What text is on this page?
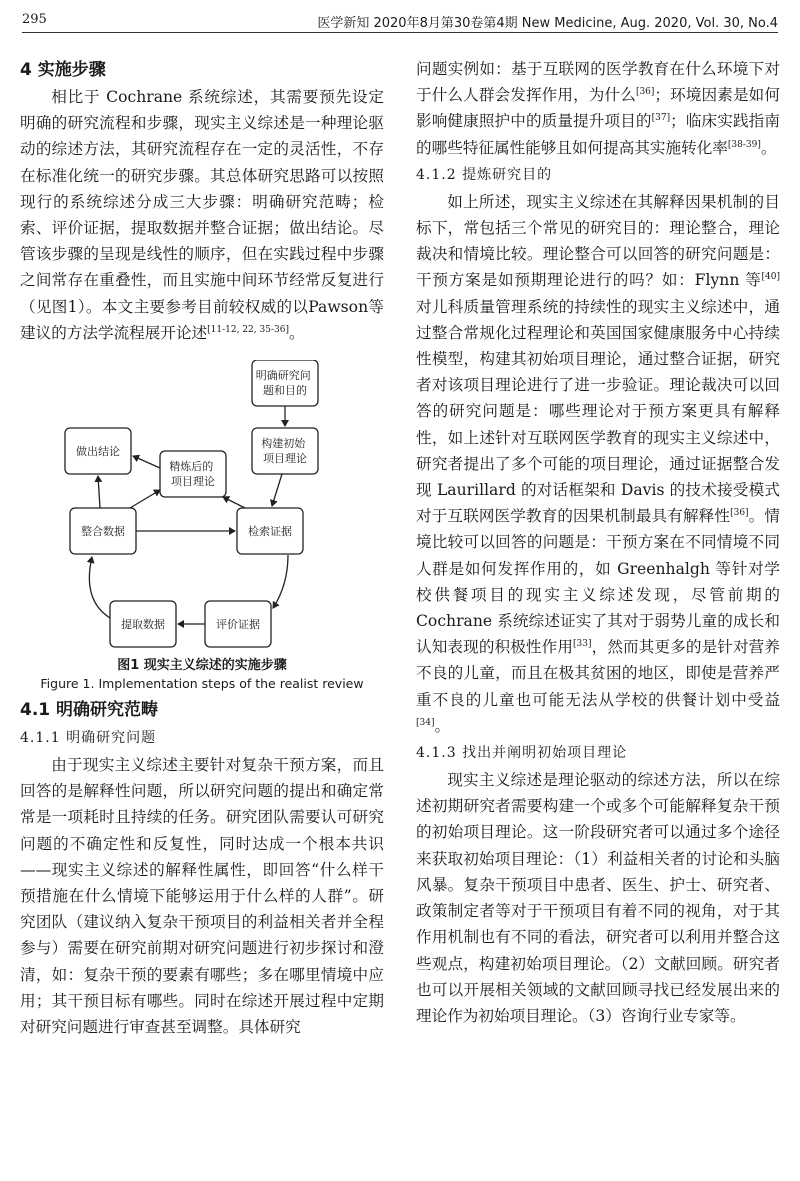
295	医学新知 2020年8月第30卷第4期 New Medicine, Aug. 2020, Vol. 30, No.4
4 实施步骤

相比于 Cochrane 系统综述，其需要预先设定明确的研究流程和步骤，现实主义综述是一种理论驱动的综述方法，其研究流程存在一定的灵活性，不存在标准化统一的研究步骤。其总体研究思路可以按照现行的系统综述分成三大步骤：明确研究范畴；检索、评价证据，提取数据并整合证据；做出结论。尽管该步骤的呈现是线性的顺序，但在实践过程中步骤之间常存在重叠性，而且实施中间环节经常反复进行（见图1）。本文主要参考目前较权威的以Pawson等建议的方法学流程展开论述[11-12, 22, 35-36]。

明确研究问 题和目的
构建初始 项目理论
检索证据
评价证据
提取数据
整合数据
精炼后的 项目理论
做出结论
图1 现实主义综述的实施步骤
Figure 1. Implementation steps of the realist review
4.1 明确研究范畴
4.1.1 明确研究问题

由于现实主义综述主要针对复杂干预方案，而且回答的是解释性问题，所以研究问题的提出和确定常常是一项耗时且持续的任务。研究团队需要认可研究问题的不确定性和反复性，同时达成一个根本共识——现实主义综述的解释性属性，即回答“什么样干预措施在什么情境下能够运用于什么样的人群”。研究团队（建议纳入复杂干预项目的利益相关者并全程参与）需要在研究前期对研究问题进行初步探讨和澄清，如：复杂干预的要素有哪些；多在哪里情境中应用；其干预目标有哪些。同时在综述开展过程中定期对研究问题进行审查甚至调整。具体研究

问题实例如：基于互联网的医学教育在什么环境下对于什么人群会发挥作用，为什么[36]；环境因素是如何影响健康照护中的质量提升项目的[37]；临床实践指南的哪些特征属性能够且如何提高其实施转化率[38-39]。

4.1.2 提炼研究目的

如上所述，现实主义综述在其解释因果机制的目标下，常包括三个常见的研究目的：理论整合，理论裁决和情境比较。理论整合可以回答的研究问题是：干预方案是如预期理论进行的吗？如：Flynn 等[40]对儿科质量管理系统的持续性的现实主义综述中，通过整合常规化过程理论和英国国家健康服务中心持续性模型，构建其初始项目理论，通过整合证据，研究者对该项目理论进行了进一步验证。理论裁决可以回答的研究问题是：哪些理论对于预方案更具有解释性，如上述针对互联网医学教育的现实主义综述中，研究者提出了多个可能的项目理论，通过证据整合发现 Laurillard 的对话框架和 Davis 的技术接受模式对于互联网医学教育的因果机制最具有解释性[36]。情境比较可以回答的问题是：干预方案在不同情境不同人群是如何发挥作用的，如 Greenhalgh 等针对学校供餐项目的现实主义综述发现，尽管前期的 Cochrane 系统综述证实了其对于弱势儿童的成长和认知表现的积极性作用[33]，然而其更多的是针对营养不良的儿童，而且在极其贫困的地区，即使是营养严重不良的儿童也可能无法从学校的供餐计划中受益[34]。

4.1.3 找出并阐明初始项目理论

现实主义综述是理论驱动的综述方法，所以在综述初期研究者需要构建一个或多个可能解释复杂干预的初始项目理论。这一阶段研究者可以通过多个途径来获取初始项目理论：（1）利益相关者的讨论和头脑风暴。复杂干预项目中患者、医生、护士、研究者、政策制定者等对于干预项目有着不同的视角，对于其作用机制也有不同的看法，研究者可以利用并整合这些观点，构建初始项目理论。（2）文献回顾。研究者也可以开展相关领域的文献回顾寻找已经发展出来的理论作为初始项目理论。（3）咨询行业专家等。
